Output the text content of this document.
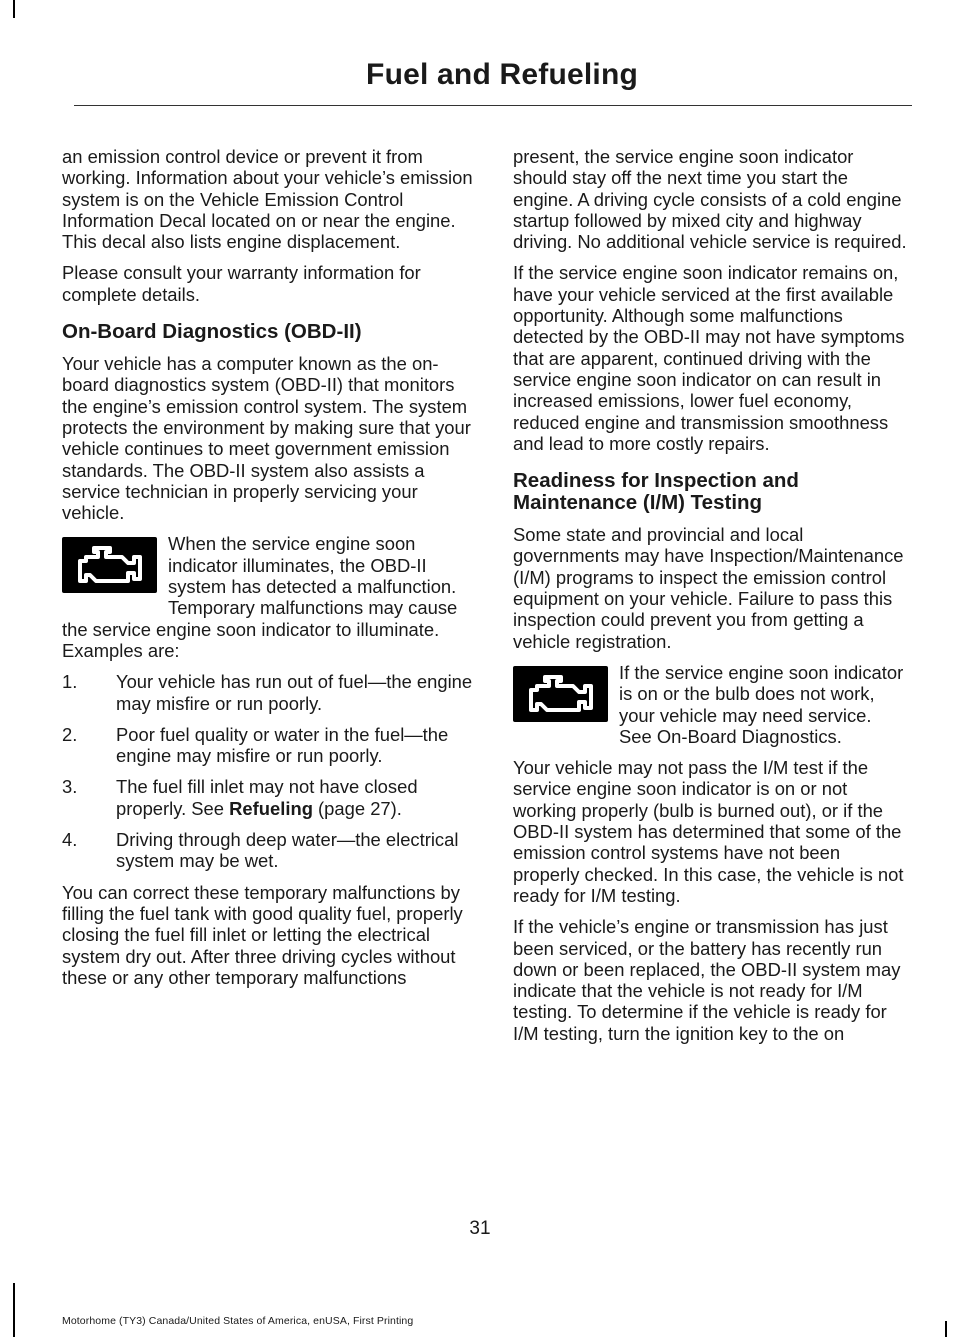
Fuel and Refueling

an emission control device or prevent it from working. Information about your vehicle’s emission system is on the Vehicle Emission Control Information Decal located on or near the engine. This decal also lists engine displacement.

Please consult your warranty information for complete details.

On-Board Diagnostics (OBD-II)

Your vehicle has a computer known as the on-board diagnostics system (OBD-II) that monitors the engine’s emission control system. The system protects the environment by making sure that your vehicle continues to meet government emission standards. The OBD-II system also assists a service technician in properly servicing your vehicle.

When the service engine soon indicator illuminates, the OBD-II system has detected a malfunction. Temporary malfunctions may cause the service engine soon indicator to illuminate. Examples are:

1. Your vehicle has run out of fuel—the engine may misfire or run poorly.
2. Poor fuel quality or water in the fuel—the engine may misfire or run poorly.
3. The fuel fill inlet may not have closed properly. See Refueling (page 27).
4. Driving through deep water—the electrical system may be wet.

You can correct these temporary malfunctions by filling the fuel tank with good quality fuel, properly closing the fuel fill inlet or letting the electrical system dry out. After three driving cycles without these or any other temporary malfunctions

present, the service engine soon indicator should stay off the next time you start the engine. A driving cycle consists of a cold engine startup followed by mixed city and highway driving. No additional vehicle service is required.

If the service engine soon indicator remains on, have your vehicle serviced at the first available opportunity. Although some malfunctions detected by the OBD-II may not have symptoms that are apparent, continued driving with the service engine soon indicator on can result in increased emissions, lower fuel economy, reduced engine and transmission smoothness and lead to more costly repairs.

Readiness for Inspection and Maintenance (I/M) Testing

Some state and provincial and local governments may have Inspection/Maintenance (I/M) programs to inspect the emission control equipment on your vehicle. Failure to pass this inspection could prevent you from getting a vehicle registration.

If the service engine soon indicator is on or the bulb does not work, your vehicle may need service. See On-Board Diagnostics.

Your vehicle may not pass the I/M test if the service engine soon indicator is on or not working properly (bulb is burned out), or if the OBD-II system has determined that some of the emission control systems have not been properly checked. In this case, the vehicle is not ready for I/M testing.

If the vehicle’s engine or transmission has just been serviced, or the battery has recently run down or been replaced, the OBD-II system may indicate that the vehicle is not ready for I/M testing. To determine if the vehicle is ready for I/M testing, turn the ignition key to the on

31
Motorhome (TY3) Canada/United States of America, enUSA, First Printing
